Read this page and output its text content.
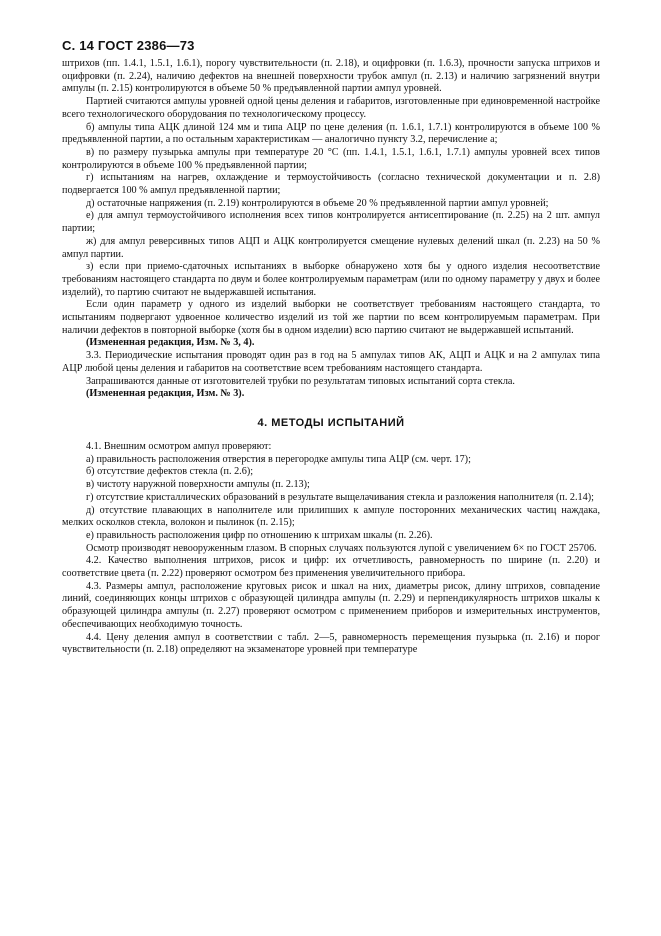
С. 14 ГОСТ 2386—73

штрихов (пп. 1.4.1, 1.5.1, 1.6.1), порогу чувствительности (п. 2.18), и оцифровки (п. 1.6.3), прочности запуска штрихов и оцифровки (п. 2.24), наличию дефектов на внешней поверхности трубок ампул (п. 2.13) и наличию загрязнений внутри ампулы (п. 2.15) контролируются в объеме 50 % предъявленной партии ампул уровней.

Партией считаются ампулы уровней одной цены деления и габаритов, изготовленные при единовременной настройке всего технологического оборудования по технологическому процессу.

б) ампулы типа АЦК длиной 124 мм и типа АЦР по цене деления (п. 1.6.1, 1.7.1) контролируются в объеме 100 % предъявленной партии, а по остальным характеристикам — аналогично пункту 3.2, перечисление а;

в) по размеру пузырька ампулы при температуре 20 °С (пп. 1.4.1, 1.5.1, 1.6.1, 1.7.1) ампулы уровней всех типов контролируются в объеме 100 % предъявленной партии;

г) испытаниям на нагрев, охлаждение и термоустойчивость (согласно технической документации и п. 2.8) подвергается 100 % ампул предъявленной партии;

д) остаточные напряжения (п. 2.19) контролируются в объеме 20 % предъявленной партии ампул уровней;

е) для ампул термоустойчивого исполнения всех типов контролируется антисептирование (п. 2.25) на 2 шт. ампул партии;

ж) для ампул реверсивных типов АЦП и АЦК контролируется смещение нулевых делений шкал (п. 2.23) на 50 % ампул партии.

з) если при приемо-сдаточных испытаниях в выборке обнаружено хотя бы у одного изделия несоответствие требованиям настоящего стандарта по двум и более контролируемым параметрам (или по одному параметру у двух и более изделий), то партию считают не выдержавшей испытания.

Если один параметр у одного из изделий выборки не соответствует требованиям настоящего стандарта, то испытаниям подвергают удвоенное количество изделий из той же партии по всем контролируемым параметрам. При наличии дефектов в повторной выборке (хотя бы в одном изделии) всю партию считают не выдержавшей испытаний.

(Измененная редакция, Изм. № 3, 4).

3.3. Периодические испытания проводят один раз в год на 5 ампулах типов АК, АЦП и АЦК и на 2 ампулах типа АЦР любой цены деления и габаритов на соответствие всем требованиям настоящего стандарта.

Запрашиваются данные от изготовителей трубки по результатам типовых испытаний сорта стекла.

(Измененная редакция, Изм. № 3).

4. МЕТОДЫ ИСПЫТАНИЙ

4.1. Внешним осмотром ампул проверяют:

а) правильность расположения отверстия в перегородке ампулы типа АЦР (см. черт. 17);

б) отсутствие дефектов стекла (п. 2.6);

в) чистоту наружной поверхности ампулы (п. 2.13);

г) отсутствие кристаллических образований в результате выщелачивания стекла и разложения наполнителя (п. 2.14);

д) отсутствие плавающих в наполнителе или прилипших к ампуле посторонних механических частиц наждака, мелких осколков стекла, волокон и пылинок (п. 2.15);

е) правильность расположения цифр по отношению к штрихам шкалы (п. 2.26).

Осмотр производят невооруженным глазом. В спорных случаях пользуются лупой с увеличением 6× по ГОСТ 25706.

4.2. Качество выполнения штрихов, рисок и цифр: их отчетливость, равномерность по ширине (п. 2.20) и соответствие цвета (п. 2.22) проверяют осмотром без применения увеличительного прибора.

4.3. Размеры ампул, расположение круговых рисок и шкал на них, диаметры рисок, длину штрихов, совпадение линий, соединяющих концы штрихов с образующей цилиндра ампулы (п. 2.29) и перпендикулярность штрихов шкалы к образующей цилиндра ампулы (п. 2.27) проверяют осмотром с применением приборов и измерительных инструментов, обеспечивающих необходимую точность.

4.4. Цену деления ампул в соответствии с табл. 2—5, равномерность перемещения пузырька (п. 2.16) и порог чувствительности (п. 2.18) определяют на экзаменаторе уровней при температуре
